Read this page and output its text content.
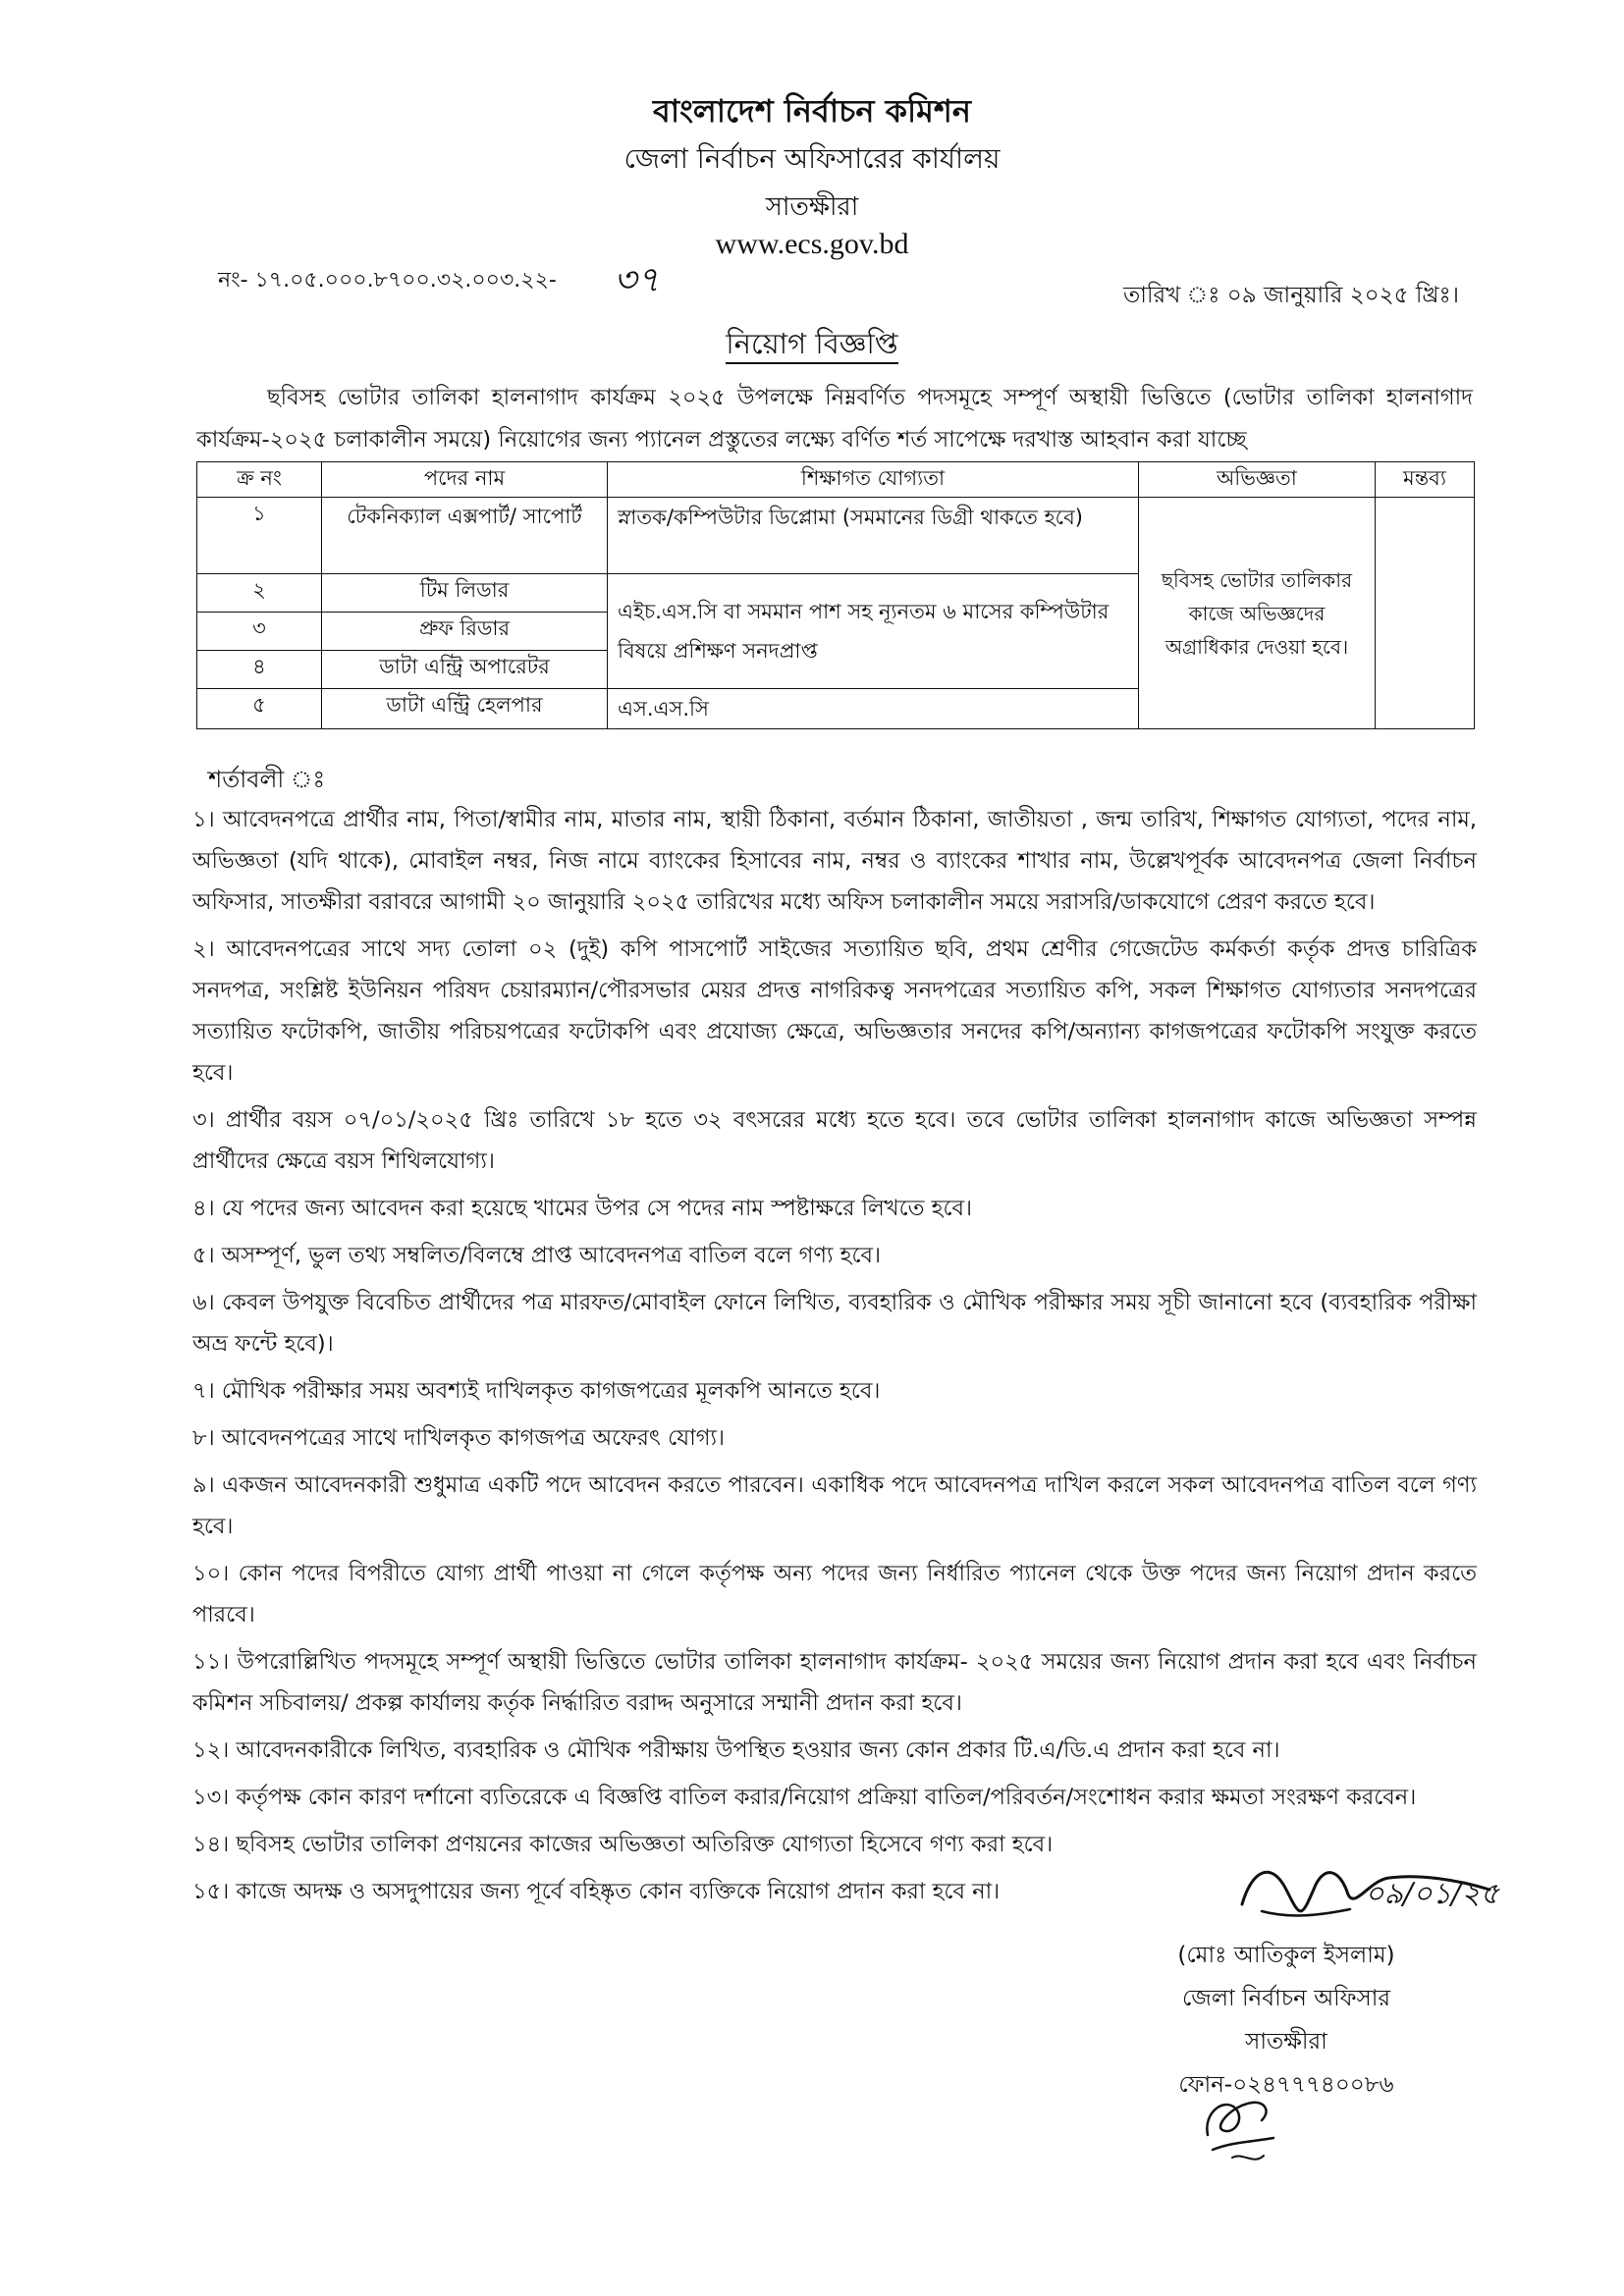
বাংলাদেশ নির্বাচন কমিশন
জেলা নির্বাচন অফিসারের কার্যালয়
সাতক্ষীরা
www.ecs.gov.bd
নং- ১৭.০৫.০০০.৮৭০০.৩২.০০৩.২২- ৩৭	তারিখ ঃ ০৯ জানুয়ারি ২০২৫ খ্রিঃ।
নিয়োগ বিজ্ঞপ্তি
ছবিসহ ভোটার তালিকা হালনাগাদ কার্যক্রম ২০২৫ উপলক্ষে নিম্নবর্ণিত পদসমূহে সম্পূর্ণ অস্থায়ী ভিত্তিতে (ভোটার তালিকা হালনাগাদ কার্যক্রম-২০২৫ চলাকালীন সময়ে) নিয়োগের জন্য প্যানেল প্রস্তুতের লক্ষ্যে বর্ণিত শর্ত সাপেক্ষে দরখাস্ত আহবান করা যাচ্ছে
ক্র নং	পদের নাম	শিক্ষাগত যোগ্যতা	অভিজ্ঞতা	মন্তব্য
১	টেকনিক্যাল এক্সপার্ট/ সাপোর্ট	স্নাতক/কম্পিউটার ডিপ্লোমা (সমমানের ডিগ্রী থাকতে হবে)	ছবিসহ ভোটার তালিকার কাজে অভিজ্ঞদের অগ্রাধিকার দেওয়া হবে।	
২	টিম লিডার	এইচ.এস.সি বা সমমান পাশ সহ ন্যূনতম ৬ মাসের কম্পিউটার বিষয়ে প্রশিক্ষণ সনদপ্রাপ্ত		
৩	প্রুফ রিডার			
৪	ডাটা এন্ট্রি অপারেটর			
৫	ডাটা এন্ট্রি হেলপার	এস.এস.সি		
শর্তাবলী ঃ

১। আবেদনপত্রে প্রার্থীর নাম, পিতা/স্বামীর নাম, মাতার নাম, স্থায়ী ঠিকানা, বর্তমান ঠিকানা, জাতীয়তা , জন্ম তারিখ, শিক্ষাগত যোগ্যতা, পদের নাম, অভিজ্ঞতা (যদি থাকে), মোবাইল নম্বর, নিজ নামে ব্যাংকের হিসাবের নাম, নম্বর ও ব্যাংকের শাখার নাম, উল্লেখপূর্বক আবেদনপত্র জেলা নির্বাচন অফিসার, সাতক্ষীরা বরাবরে আগামী ২০ জানুয়ারি ২০২৫ তারিখের মধ্যে অফিস চলাকালীন সময়ে সরাসরি/ডাকযোগে প্রেরণ করতে হবে।

২। আবেদনপত্রের সাথে সদ্য তোলা ০২ (দুই) কপি পাসপোর্ট সাইজের সত্যায়িত ছবি, প্রথম শ্রেণীর গেজেটেড কর্মকর্তা কর্তৃক প্রদত্ত চারিত্রিক সনদপত্র, সংশ্লিষ্ট ইউনিয়ন পরিষদ চেয়ারম্যান/পৌরসভার মেয়র প্রদত্ত নাগরিকত্ব সনদপত্রের সত্যায়িত কপি, সকল শিক্ষাগত যোগ্যতার সনদপত্রের সত্যায়িত ফটোকপি, জাতীয় পরিচয়পত্রের ফটোকপি এবং প্রযোজ্য ক্ষেত্রে, অভিজ্ঞতার সনদের কপি/অন্যান্য কাগজপত্রের ফটোকপি সংযুক্ত করতে হবে।

৩। প্রার্থীর বয়স ০৭/০১/২০২৫ খ্রিঃ তারিখে ১৮ হতে ৩২ বৎসরের মধ্যে হতে হবে। তবে ভোটার তালিকা হালনাগাদ কাজে অভিজ্ঞতা সম্পন্ন প্রার্থীদের ক্ষেত্রে বয়স শিথিলযোগ্য।

৪। যে পদের জন্য আবেদন করা হয়েছে খামের উপর সে পদের নাম স্পষ্টাক্ষরে লিখতে হবে।

৫। অসম্পূর্ণ, ভুল তথ্য সম্বলিত/বিলম্বে প্রাপ্ত আবেদনপত্র বাতিল বলে গণ্য হবে।

৬। কেবল উপযুক্ত বিবেচিত প্রার্থীদের পত্র মারফত/মোবাইল ফোনে লিখিত, ব্যবহারিক ও মৌখিক পরীক্ষার সময় সূচী জানানো হবে (ব্যবহারিক পরীক্ষা অভ্র ফন্টে হবে)।

৭। মৌখিক পরীক্ষার সময় অবশ্যই দাখিলকৃত কাগজপত্রের মূলকপি আনতে হবে।

৮। আবেদনপত্রের সাথে দাখিলকৃত কাগজপত্র অফেরৎ যোগ্য।

৯। একজন আবেদনকারী শুধুমাত্র একটি পদে আবেদন করতে পারবেন। একাধিক পদে আবেদনপত্র দাখিল করলে সকল আবেদনপত্র বাতিল বলে গণ্য হবে।

১০। কোন পদের বিপরীতে যোগ্য প্রার্থী পাওয়া না গেলে কর্তৃপক্ষ অন্য পদের জন্য নির্ধারিত প্যানেল থেকে উক্ত পদের জন্য নিয়োগ প্রদান করতে পারবে।

১১। উপরোল্লিখিত পদসমূহে সম্পূর্ণ অস্থায়ী ভিত্তিতে ভোটার তালিকা হালনাগাদ কার্যক্রম- ২০২৫ সময়ের জন্য নিয়োগ প্রদান করা হবে এবং নির্বাচন কমিশন সচিবালয়/ প্রকল্প কার্যালয় কর্তৃক নির্দ্ধারিত বরাদ্দ অনুসারে সম্মানী প্রদান করা হবে।

১২। আবেদনকারীকে লিখিত, ব্যবহারিক ও মৌখিক পরীক্ষায় উপস্থিত হওয়ার জন্য কোন প্রকার টি.এ/ডি.এ প্রদান করা হবে না।

১৩। কর্তৃপক্ষ কোন কারণ দর্শানো ব্যতিরেকে এ বিজ্ঞপ্তি বাতিল করার/নিয়োগ প্রক্রিয়া বাতিল/পরিবর্তন/সংশোধন করার ক্ষমতা সংরক্ষণ করবেন।

১৪। ছবিসহ ভোটার তালিকা প্রণয়নের কাজের অভিজ্ঞতা অতিরিক্ত যোগ্যতা হিসেবে গণ্য করা হবে।

১৫। কাজে অদক্ষ ও অসদুপায়ের জন্য পূর্বে বহিষ্কৃত কোন ব্যক্তিকে নিয়োগ প্রদান করা হবে না।	০৯/০১/২৫
(মোঃ আতিকুল ইসলাম)
জেলা নির্বাচন অফিসার
সাতক্ষীরা
ফোন-০২৪৭৭৭৪০০৮৬
